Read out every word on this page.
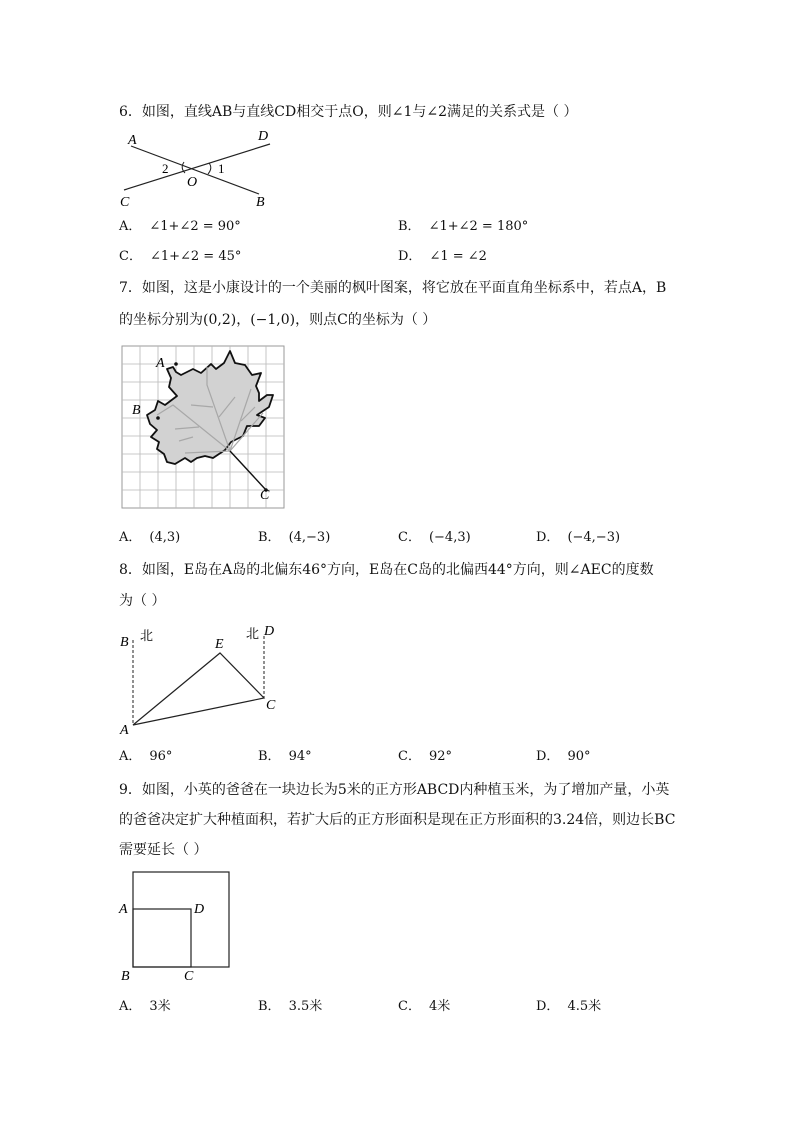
6．如图，直线AB与直线CD相交于点O，则∠1与∠2满足的关系式是（ ）
A	D
C	B
O
2	1
A． ∠1+∠2 = 90°	B． ∠1+∠2 = 180°
C． ∠1+∠2 = 45°	D． ∠1 = ∠2
7．如图，这是小康设计的一个美丽的枫叶图案，将它放在平面直角坐标系中，若点A，B
的坐标分别为(0,2)，(−1,0)，则点C的坐标为（ ）
A
B
C
A． (4,3)	B． (4,−3)	C． (−4,3)	D． (−4,−3)
8．如图，E岛在A岛的北偏东46°方向，E岛在C岛的北偏西44°方向，则∠AEC的度数
为（ ）
B 北
E
北 D
C
A
A． 96°	B． 94°	C． 92°	D． 90°
9．如图，小英的爸爸在一块边长为5米的正方形ABCD内种植玉米，为了增加产量，小英
的爸爸决定扩大种植面积，若扩大后的正方形面积是现在正方形面积的3.24倍，则边长BC
需要延长（ ）
A	D
B	C
A． 3米	B． 3.5米	C． 4米	D． 4.5米
